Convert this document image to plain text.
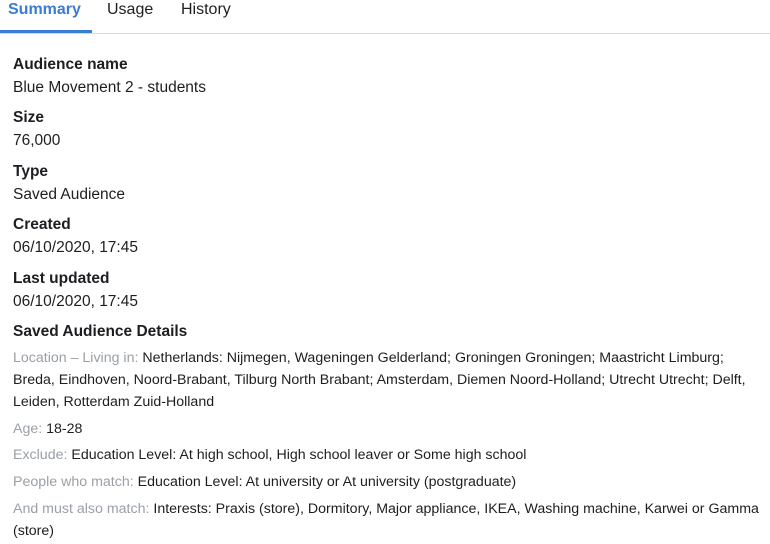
Summary	Usage History
Audience name
Blue Movement 2 - students
Size
76,000
Type
Saved Audience
Created
06/10/2020, 17:45
Last updated
06/10/2020, 17:45
Saved Audience Details
Location – Living in: Netherlands: Nijmegen, Wageningen Gelderland; Groningen Groningen; Maastricht Limburg; Breda, Eindhoven, Noord-Brabant, Tilburg North Brabant; Amsterdam, Diemen Noord-Holland; Utrecht Utrecht; Delft, Leiden, Rotterdam Zuid-Holland
Age: 18-28
Exclude: Education Level: At high school, High school leaver or Some high school
People who match: Education Level: At university or At university (postgraduate)
And must also match: Interests: Praxis (store), Dormitory, Major appliance, IKEA, Washing machine, Karwei or Gamma (store)
